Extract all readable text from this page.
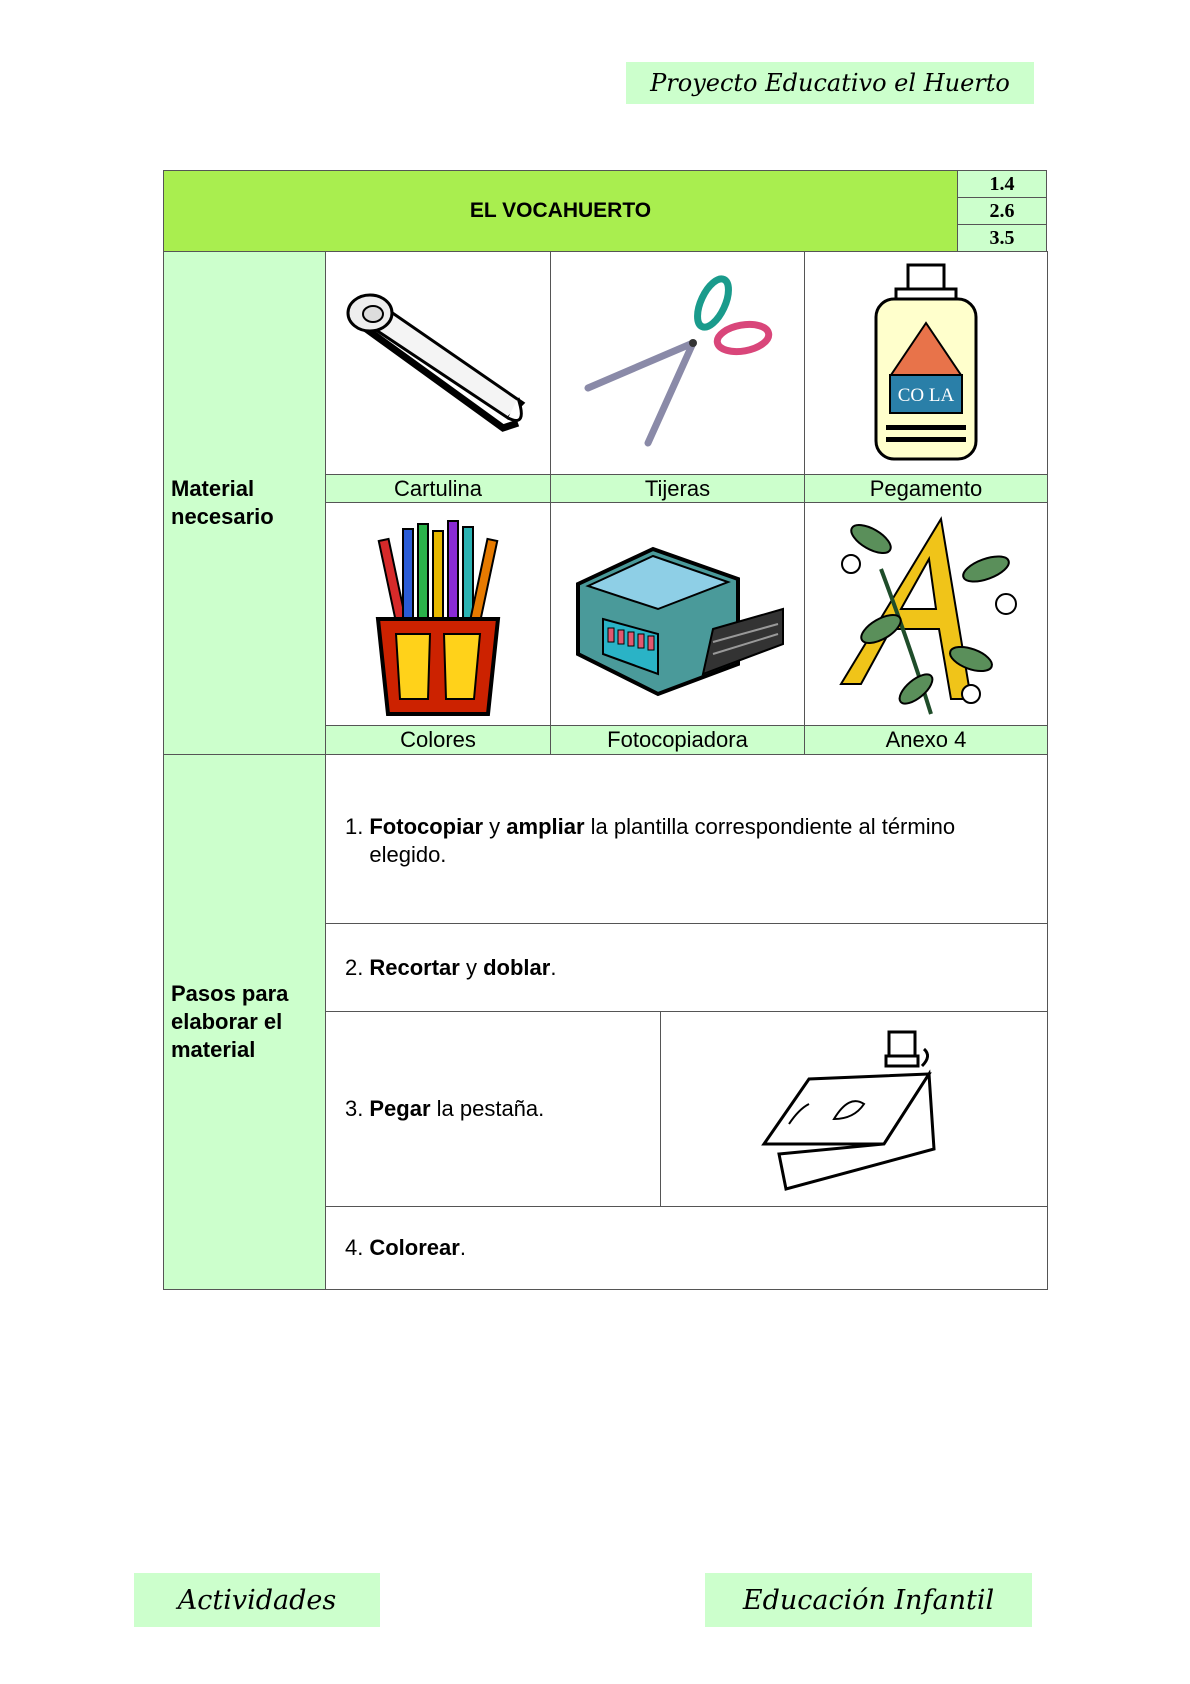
Proyecto Educativo el Huerto
EL VOCAHUERTO
1.4
2.6
3.5
Material necesario
CO LA
Cartulina	Tijeras	Pegamento
Colores	Fotocopiadora	Anexo 4
Pasos para elaborar el material
1. Fotocopiar y ampliar la plantilla correspondiente al término elegido.
2. Recortar y doblar .
3. Pegar la pestaña.
4. Colorear .
Actividades	Educación Infantil
